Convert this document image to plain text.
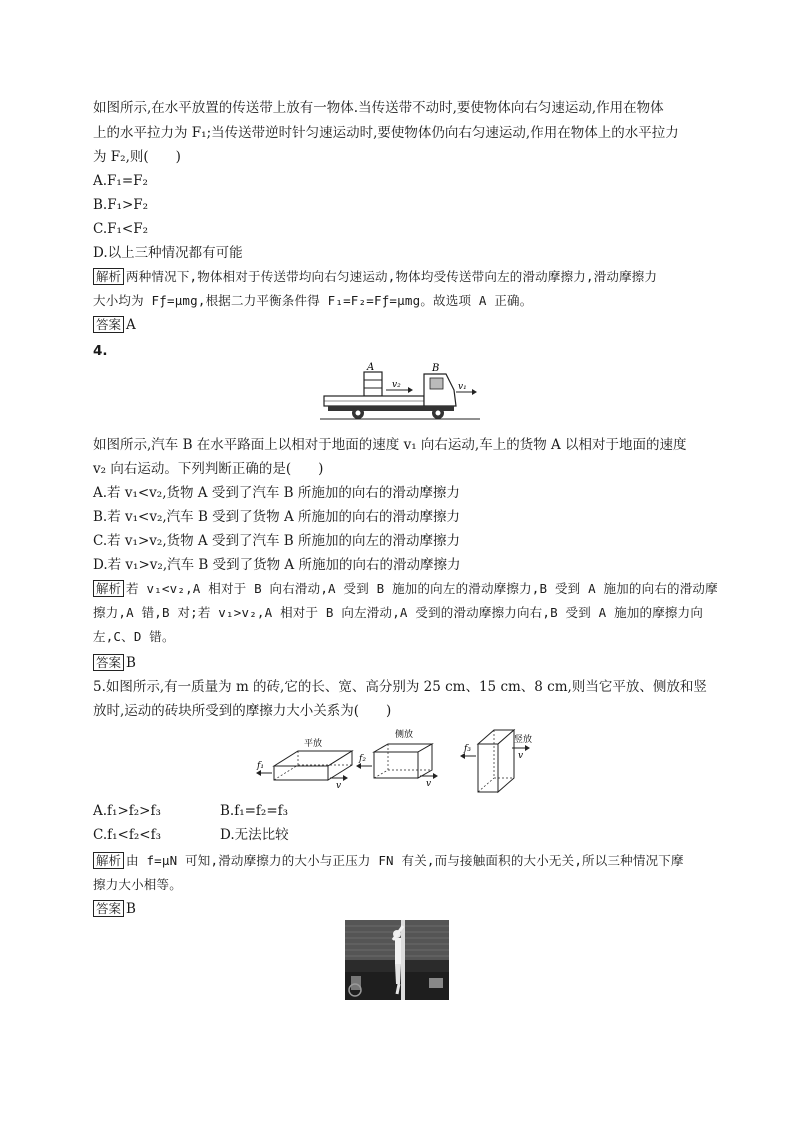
如图所示,在水平放置的传送带上放有一物体.当传送带不动时,要使物体向右匀速运动,作用在物体
上的水平拉力为 F₁;当传送带逆时针匀速运动时,要使物体仍向右匀速运动,作用在物体上的水平拉力
为 F₂,则(　　)
A.F₁=F₂
B.F₁>F₂
C.F₁<F₂
D.以上三种情况都有可能
解析 两种情况下,物体相对于传送带均向右匀速运动,物体均受传送带向左的滑动摩擦力,滑动摩擦力
大小均为 Fƒ=μmg,根据二力平衡条件得 F₁=F₂=Fƒ=μmg。故选项 A 正确。
答案 A
4.
A	B
v₂	v₁
如图所示,汽车 B 在水平路面上以相对于地面的速度 v₁ 向右运动,车上的货物 A 以相对于地面的速度
v₂ 向右运动。下列判断正确的是(　　)
A.若 v₁<v₂,货物 A 受到了汽车 B 所施加的向右的滑动摩擦力
B.若 v₁<v₂,汽车 B 受到了货物 A 所施加的向右的滑动摩擦力
C.若 v₁>v₂,货物 A 受到了汽车 B 所施加的向左的滑动摩擦力
D.若 v₁>v₂,汽车 B 受到了货物 A 所施加的向右的滑动摩擦力
解析 若 v₁<v₂,A 相对于 B 向右滑动,A 受到 B 施加的向左的滑动摩擦力,B 受到 A 施加的向右的滑动摩
擦力,A 错,B 对;若 v₁>v₂,A 相对于 B 向左滑动,A 受到的滑动摩擦力向右,B 受到 A 施加的摩擦力向
左,C、D 错。
答案 B
5.如图所示,有一质量为 m 的砖,它的长、宽、高分别为 25 cm、15 cm、8 cm,则当它平放、侧放和竖
放时,运动的砖块所受到的摩擦力大小关系为(　　)
平放
f₁
v
侧放
f₂
v
竖放
f₃
v
A.f₁>f₂>f₃	B.f₁=f₂=f₃
C.f₁<f₂<f₃	D.无法比较
解析 由 f=μN 可知,滑动摩擦力的大小与正压力 FN 有关,而与接触面积的大小无关,所以三种情况下摩
擦力大小相等。
答案 B
